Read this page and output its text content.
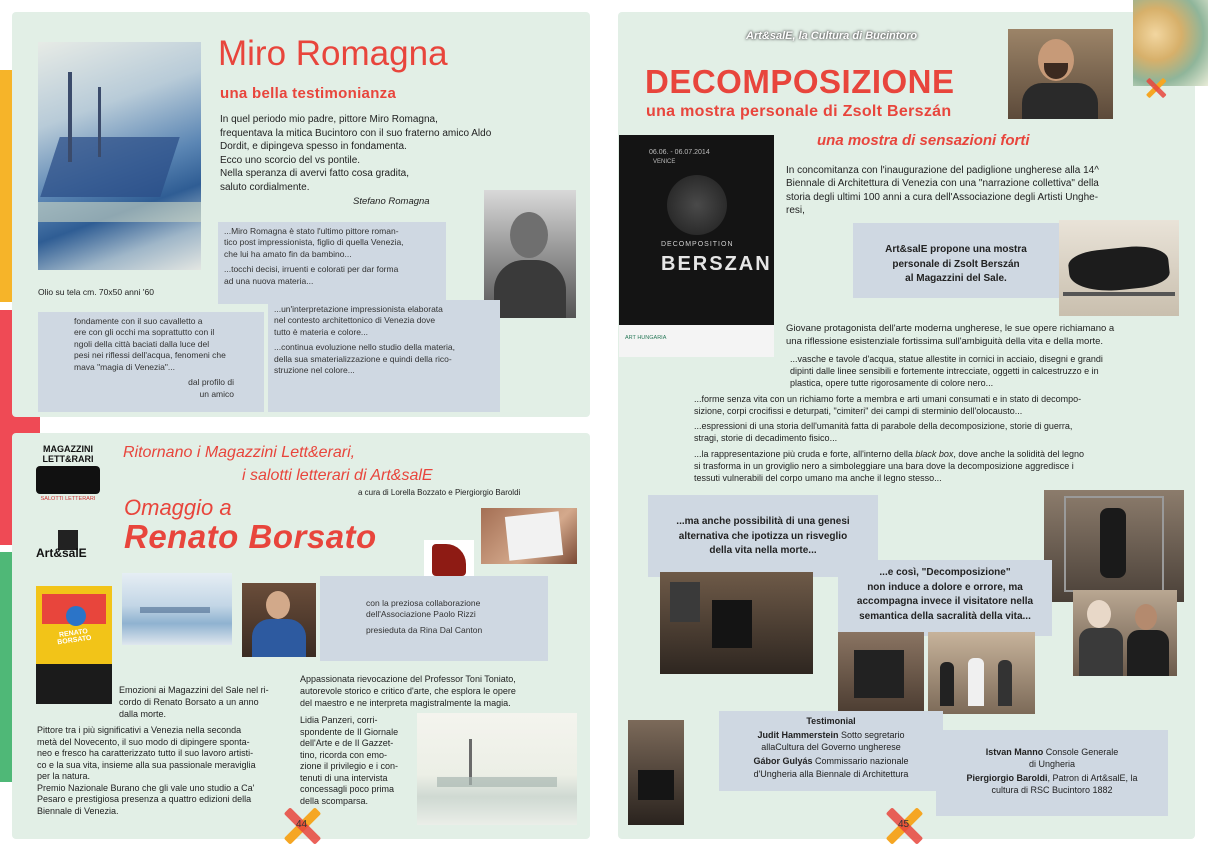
Olio su tela cm. 70x50 anni '60

Miro Romagna
una bella testimonianza
In quel periodo mio padre, pittore Miro Romagna,
frequentava la mitica Bucintoro con il suo fraterno amico Aldo
Dordit, e dipingeva spesso in fondamenta.
Ecco uno scorcio del vs pontile.
Nella speranza di avervi fatto cosa gradita,
saluto cordialmente.
Stefano Romagna

...Miro Romagna è stato l'ultimo pittore roman-
tico post impressionista, figlio di quella Venezia,
che lui ha amato fin da bambino...

...tocchi decisi, irruenti e colorati per dar forma
ad una nuova materia...

...un'interpretazione impressionista elaborata
nel contesto architettonico di Venezia dove
tutto è materia e colore...

...continua evoluzione nello studio della materia,
della sua smaterializzazione e quindi della rico-
struzione nel colore...

fondamente con il suo cavalletto a
ere con gli occhi ma soprattutto con il
ngoli della città baciati dalla luce del
pesi nei riflessi dell'acqua, fenomeni che
mava "magia di Venezia"...

dal profilo di
un amico

MAGAZZINI
LETT&RARI
SALOTTI LETTERARI
Art&salE
RENATO BORSATO
Ritornano i Magazzini Lett&erari,
i salotti letterari di Art&salE
a cura di Lorella Bozzato e Piergiorgio Baroldi
Omaggio a
Renato Borsato

con la preziosa collaborazione
dell'Associazione Paolo Rizzi

presieduta da Rina Dal Canton

Emozioni ai Magazzini del Sale nel ri-
cordo di Renato Borsato a un anno
dalla morte.
Pittore tra i più significativi a Venezia nella seconda
metà del Novecento, il suo modo di dipingere sponta-
neo e fresco ha caratterizzato tutto il suo lavoro artisti-
co e la sua vita, insieme alla sua passionale meraviglia
per la natura.
Premio Nazionale Burano che gli vale uno studio a Ca'
Pesaro e prestigiosa presenza a quattro edizioni della
Biennale di Venezia.
Appassionata rievocazione del Professor Toni Toniato,
autorevole storico e critico d'arte, che esplora le opere
del maestro e ne interpreta magistralmente la magia.
Lidia Panzeri, corri-
spondente de Il Giornale
dell'Arte e de Il Gazzet-
tino, ricorda con emo-
zione il privilegio e i con-
tenuti di una intervista
concessagli poco prima
della scomparsa.
44
Art&salE, la Cultura di Bucintoro
DECOMPOSIZIONE
una mostra personale di Zsolt Berszán
una mostra di sensazioni forti
06.06. - 06.07.2014
VENICE
DECOMPOSITION
BERSZAN
ART HUNGARIA
In concomitanza con l'inaugurazione del padiglione ungherese alla 14^
Biennale di Architettura di Venezia con una "narrazione collettiva" della
storia degli ultimi 100 anni a cura dell'Associazione degli Artisti Unghe-
resi,

Art&salE propone una mostra
personale di Zsolt Berszán
al Magazzini del Sale.

Giovane protagonista dell'arte moderna ungherese, le sue opere richiamano a
una riflessione esistenziale fortissima sull'ambiguità della vita e della morte.

...vasche e tavole d'acqua, statue allestite in cornici in acciaio, disegni e grandi
dipinti dalle linee sensibili e fortemente intrecciate, oggetti in calcestruzzo e in
plastica, opere tutte rigorosamente di colore nero...

...forme senza vita con un richiamo forte a membra e arti umani consumati e in stato di decompo-
sizione, corpi crocifissi e deturpati, "cimiteri" dei campi di sterminio dell'olocausto...

...espressioni di una storia dell'umanità fatta di parabole della decomposizione, storie di guerra,
stragi, storie di decadimento fisico...

...la rappresentazione più cruda e forte, all'interno della black box, dove anche la solidità del legno
si trasforma in un groviglio nero a simboleggiare una bara dove la decomposizione aggredisce i
tessuti vulnerabili del corpo umano ma anche il legno stesso...

...ma anche possibilità di una genesi
alternativa che ipotizza un risveglio
della vita nella morte...

...e così, "Decomposizione"
non induce a dolore e orrore, ma
accompagna invece il visitatore nella
semantica della sacralità della vita...

Testimonial

Judit Hammerstein Sotto segretario
allaCultura del Governo ungherese

Gábor Gulyás Commissario nazionale
d'Ungheria alla Biennale di Architettura

Istvan Manno Console Generale
di Ungheria

Piergiorgio Baroldi, Patron di Art&salE, la
cultura di RSC Bucintoro 1882

45
